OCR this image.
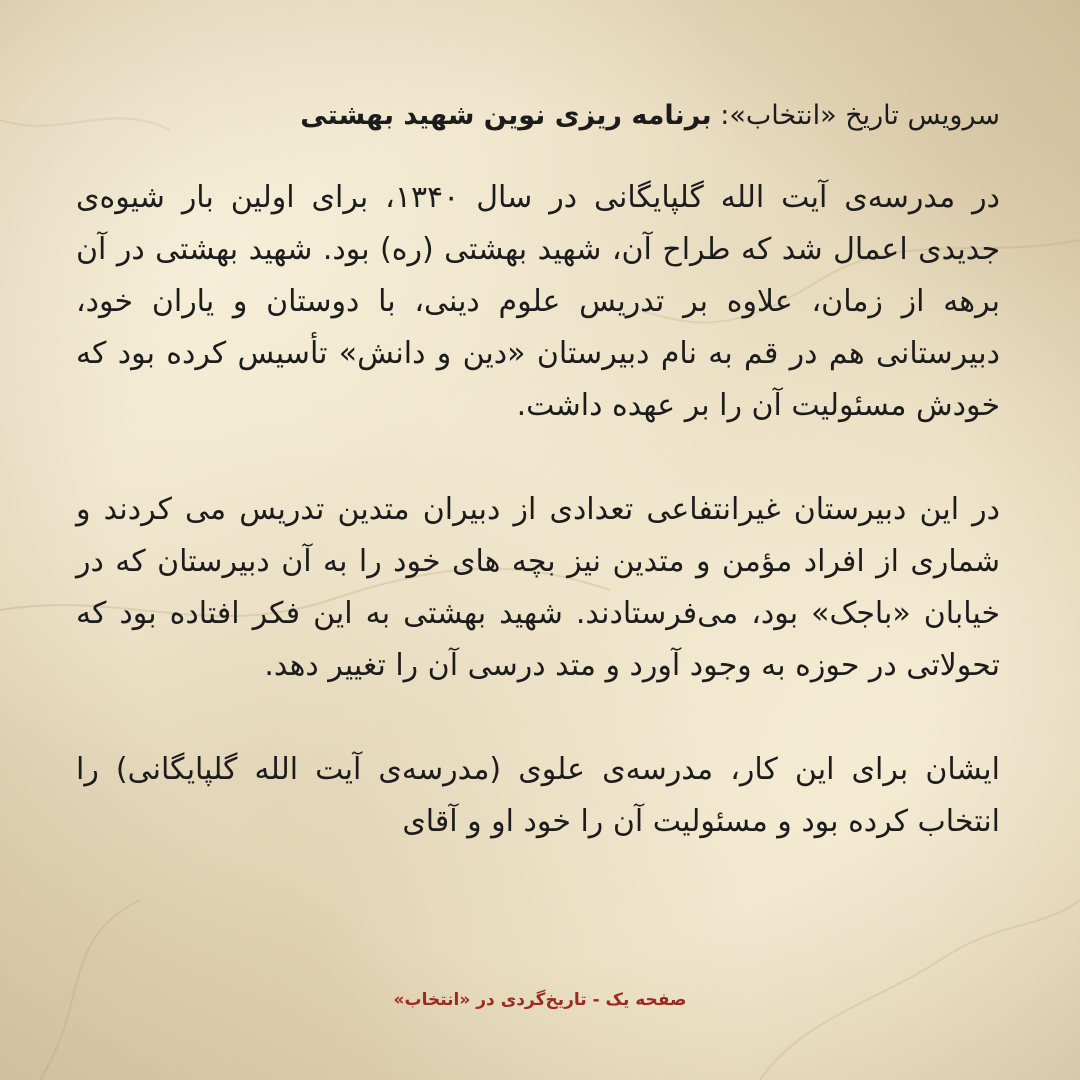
سرویس تاریخ «انتخاب»: برنامه ریزی نوین شهید بهشتی

در مدرسه‌ی آیت الله گلپایگانی در سال ۱۳۴۰، برای اولین بار شیوه‌ی جدیدی اعمال شد که طراح آن، شهید بهشتی (ره) بود. شهید بهشتی در آن برهه از زمان، علاوه بر تدریس علوم دینی، با دوستان و یاران خود، دبیرستانی هم در قم به نام دبیرستان «دین و دانش» تأسیس کرده بود که خودش مسئولیت آن را بر عهده داشت.

در این دبیرستان غیرانتفاعی تعدادی از دبیران متدین تدریس می کردند و شماری از افراد مؤمن و متدین نیز بچه های خود را به آن دبیرستان که در خیابان «باجک» بود، می‌فرستادند. شهید بهشتی به این فکر افتاده بود که تحولاتی در حوزه به وجود آورد و متد درسی آن را تغییر دهد.

ایشان برای این کار، مدرسه‌ی علوی (مدرسه‌ی آیت الله گلپایگانی) را انتخاب کرده بود و مسئولیت آن را خود او و آقای

صفحه یک - تاریخ‌گردی در «انتخاب»
